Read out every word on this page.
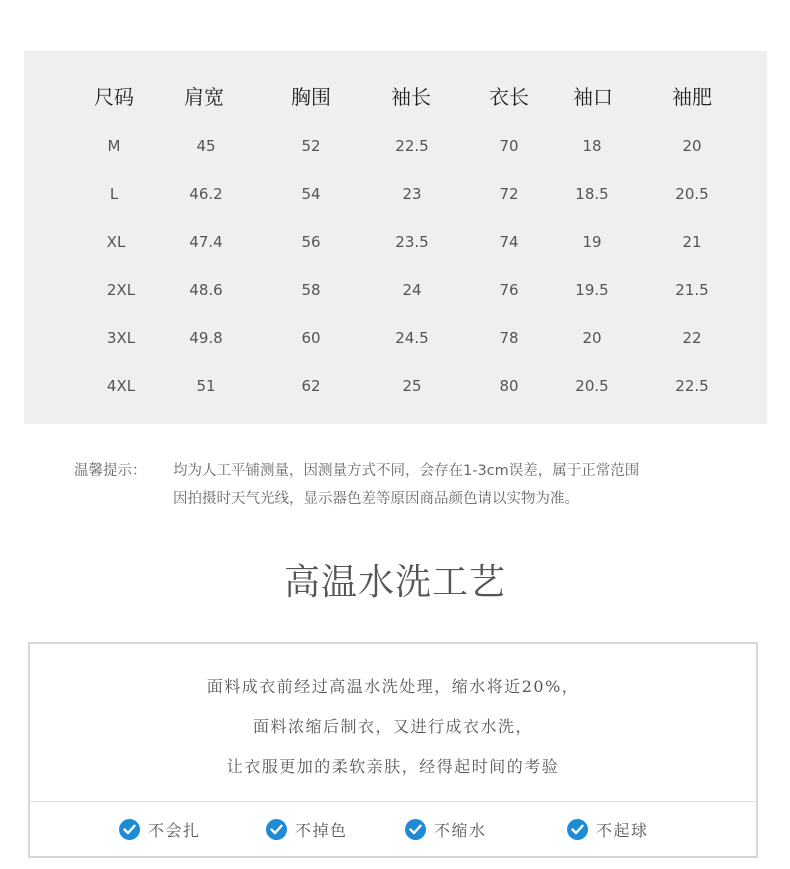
尺码	肩宽	胸围	袖长	衣长 袖口	袖肥
M	45	52	22.5	70	18	20
L	46.2	54	23	72	18.5	20.5
XL	47.4	56	23.5	74	19	21
2XL	48.6	58	24	76	19.5	21.5
3XL	49.8	60	24.5	78	20	22
4XL	51	62	25	80	20.5	22.5
温馨提示： 均为人工平铺测量，因测量方式不同，会存在1-3cm误差，属于正常范围
因拍摄时天气光线，显示器色差等原因商品颜色请以实物为准。
高温水洗工艺
面料成衣前经过高温水洗处理，缩水将近20%，
面料浓缩后制衣，又进行成衣水洗，
让衣服更加的柔软亲肤，经得起时间的考验
不会扎	不掉色	不缩水	不起球
